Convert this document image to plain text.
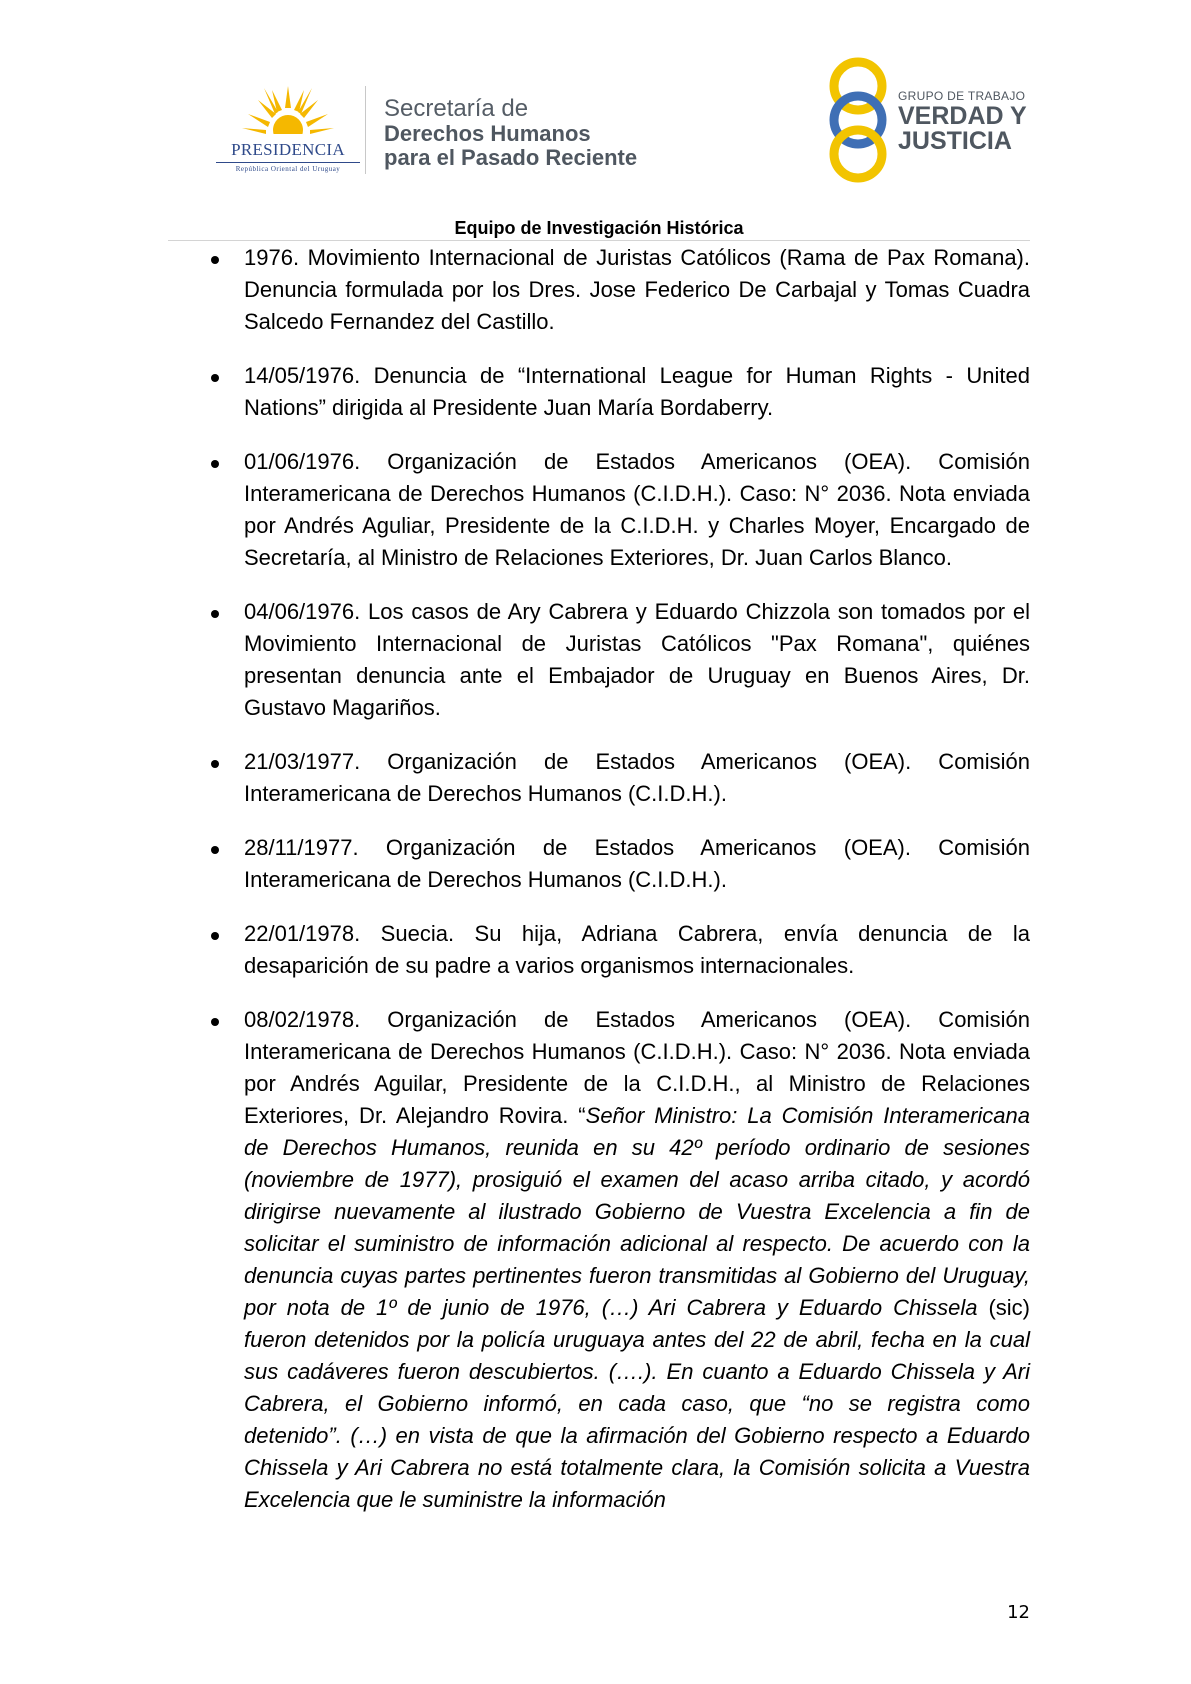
PRESIDENCIA
República Oriental del Uruguay
Secretaría de
Derechos Humanos
para el Pasado Reciente
GRUPO DE TRABAJO
VERDAD Y
JUSTICIA
Equipo de Investigación Histórica
1976. Movimiento Internacional de Juristas Católicos (Rama de Pax Romana). Denuncia formulada por los Dres. Jose Federico De Carbajal y Tomas Cuadra Salcedo Fernandez del Castillo.
14/05/1976. Denuncia de “International League for Human Rights - United Nations” dirigida al Presidente Juan María Bordaberry.
01/06/1976. Organización de Estados Americanos (OEA). Comisión Interamericana de Derechos Humanos (C.I.D.H.). Caso: N° 2036. Nota enviada por Andrés Aguliar, Presidente de la C.I.D.H. y Charles Moyer, Encargado de Secretaría, al Ministro de Relaciones Exteriores, Dr. Juan Carlos Blanco.
04/06/1976. Los casos de Ary Cabrera y Eduardo Chizzola son tomados por el Movimiento Internacional de Juristas Católicos "Pax Romana", quiénes presentan denuncia ante el Embajador de Uruguay en Buenos Aires, Dr. Gustavo Magariños.
21/03/1977. Organización de Estados Americanos (OEA). Comisión Interamericana de Derechos Humanos (C.I.D.H.).
28/11/1977. Organización de Estados Americanos (OEA). Comisión Interamericana de Derechos Humanos (C.I.D.H.).
22/01/1978. Suecia. Su hija, Adriana Cabrera, envía denuncia de la desaparición de su padre a varios organismos internacionales.
08/02/1978. Organización de Estados Americanos (OEA). Comisión Interamericana de Derechos Humanos (C.I.D.H.). Caso: N° 2036. Nota enviada por Andrés Aguilar, Presidente de la C.I.D.H., al Ministro de Relaciones Exteriores, Dr. Alejandro Rovira. “Señor Ministro: La Comisión Interamericana de Derechos Humanos, reunida en su 42º período ordinario de sesiones (noviembre de 1977), prosiguió el examen del acaso arriba citado, y acordó dirigirse nuevamente al ilustrado Gobierno de Vuestra Excelencia a fin de solicitar el suministro de información adicional al respecto. De acuerdo con la denuncia cuyas partes pertinentes fueron transmitidas al Gobierno del Uruguay, por nota de 1º de junio de 1976, (…) Ari Cabrera y Eduardo Chissela (sic) fueron detenidos por la policía uruguaya antes del 22 de abril, fecha en la cual sus cadáveres fueron descubiertos. (….). En cuanto a Eduardo Chissela y Ari Cabrera, el Gobierno informó, en cada caso, que “no se registra como detenido”. (…) en vista de que la afirmación del Gobierno respecto a Eduardo Chissela y Ari Cabrera no está totalmente clara, la Comisión solicita a Vuestra Excelencia que le suministre la información
12
